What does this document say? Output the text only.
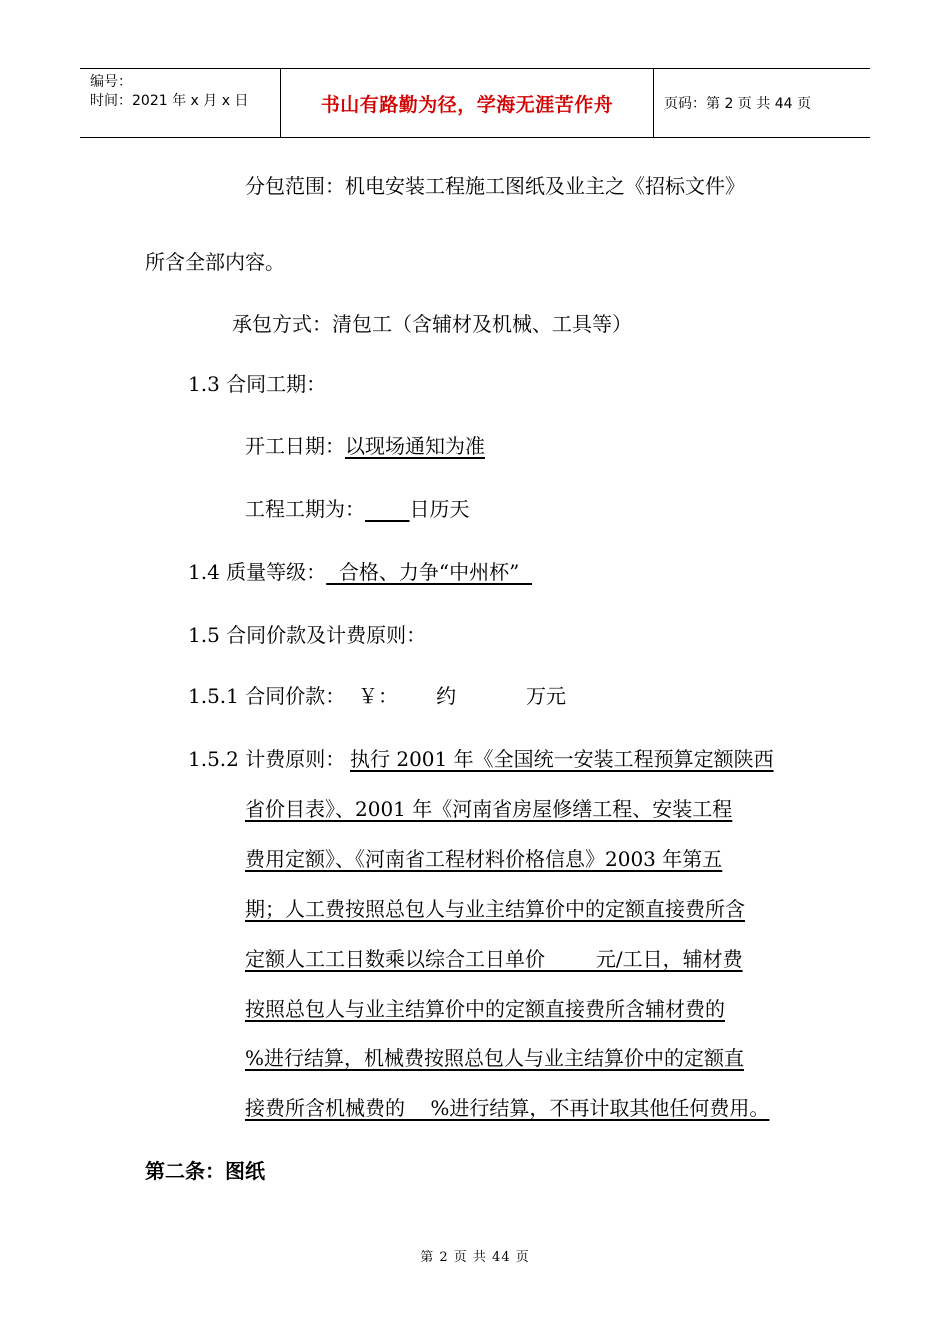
编号：
时间：2021 年 x 月 x 日	书山有路勤为径，学海无涯苦作舟	页码：第 2 页 共 44 页
分包范围：机电安装工程施工图纸及业主之《招标文件》
所含全部内容。
承包方式：清包工（含辅材及机械、工具等）
1.3 合同工期：
开工日期：以现场通知为准
工程工期为： 日历天
1.4 质量等级：  合格、力争“中州杯”
1.5 合同价款及计费原则：
1.5.1 合同价款：  ￥：      约           万元
1.5.2 计费原则： 执行 2001 年《全国统一安装工程预算定额陕西
省价目表》、2001 年《河南省房屋修缮工程、安装工程
费用定额》、《河南省工程材料价格信息》2003 年第五
期；人工费按照总包人与业主结算价中的定额直接费所含
定额人工工日数乘以综合工日单价        元/工日，辅材费
按照总包人与业主结算价中的定额直接费所含辅材费的
%进行结算，机械费按照总包人与业主结算价中的定额直
接费所含机械费的    %进行结算，不再计取其他任何费用。
第二条：图纸
第 2 页 共 44 页
